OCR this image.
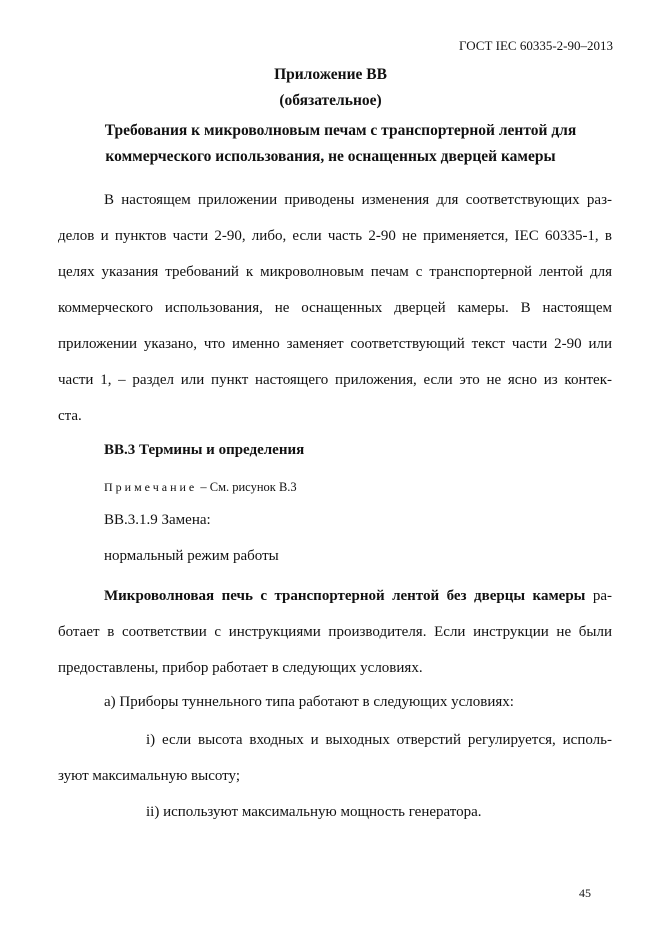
ГОСТ IEC 60335-2-90–2013
Приложение ВВ
(обязательное)
Требования к микроволновым печам с транспортерной лентой для
коммерческого использования, не оснащенных дверцей камеры
В настоящем приложении приводены изменения для соответствующих раз-
делов и пунктов части 2-90, либо, если часть 2-90 не применяется, IEC 60335-1, в
целях указания требований к микроволновым печам с транспортерной лентой для
коммерческого использования, не оснащенных дверцей камеры. В настоящем
приложении указано, что именно заменяет соответствующий текст части 2-90 или
части 1, – раздел или пункт настоящего приложения, если это не ясно из контек-
ста.
ВВ.3 Термины и определения
Примечание – См. рисунок В.3
ВВ.3.1.9 Замена:
нормальный режим работы
Микроволновая печь с транспортерной лентой без дверцы камеры ра-
ботает в соответствии с инструкциями производителя. Если инструкции не были
предоставлены, прибор работает в следующих условиях.
а) Приборы туннельного типа работают в следующих условиях:
i) если высота входных и выходных отверстий регулируется, исполь-
зуют максимальную высоту;
ii) используют максимальную мощность генератора.
45
